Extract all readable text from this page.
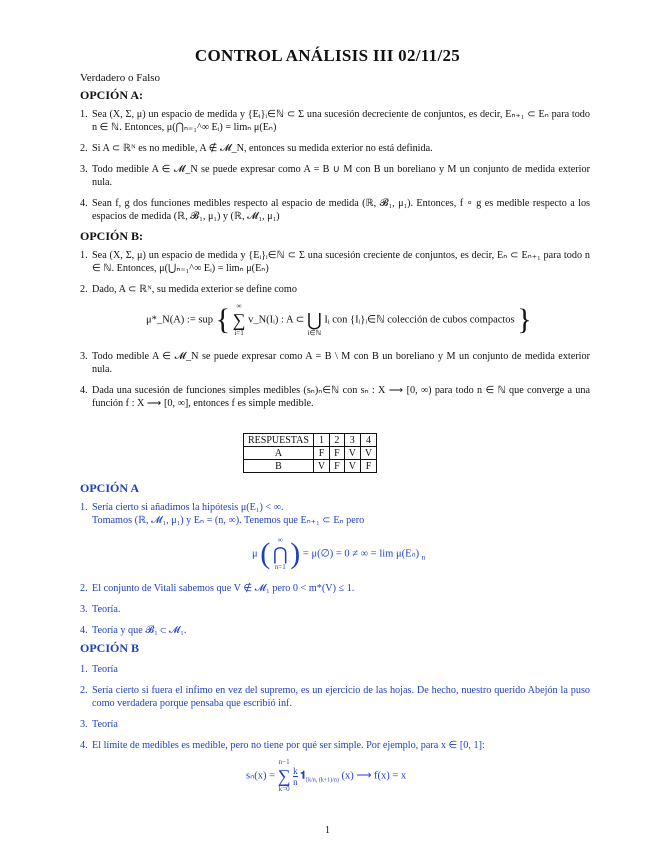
CONTROL ANÁLISIS III 02/11/25
Verdadero o Falso
OPCIÓN A:
1. Sea (X, Σ, μ) un espacio de medida y {Eᵢ}ᵢ∈ℕ ⊂ Σ una sucesión decreciente de conjuntos, es decir, Eₙ₊₁ ⊂ Eₙ para todo n ∈ ℕ. Entonces, μ(⋂ₙ₌₁^∞ Eᵢ) = limₙ μ(Eₙ)
2. Si A ⊂ ℝᴺ es no medible, A ∉ 𝓜_N, entonces su medida exterior no está definida.
3. Todo medible A ∈ 𝓜_N se puede expresar como A = B ∪ M con B un boreliano y M un conjunto de medida exterior nula.
4. Sean f, g dos funciones medibles respecto al espacio de medida (ℝ, 𝓑₁, μ₁). Entonces, f ∘ g es medible respecto a los espacios de medida (ℝ, 𝓑₁, μ₁) y (ℝ, 𝓜₁, μ₁)
OPCIÓN B:
1. Sea (X, Σ, μ) un espacio de medida y {Eᵢ}ᵢ∈ℕ ⊂ Σ una sucesión creciente de conjuntos, es decir, Eₙ ⊂ Eₙ₊₁ para todo n ∈ ℕ. Entonces, μ(⋃ₙ₌₁^∞ Eᵢ) = limₙ μ(Eₙ)
2. Dado, A ⊂ ℝᴺ, su medida exterior se define como
μ*_N(A) := sup { ∞
∑
i=1 v_N(Iᵢ) : A ⊂ ⋃
i∈ℕ Iᵢ con {Iᵢ}ᵢ∈ℕ colección de cubos compactos }
3. Todo medible A ∈ 𝓜_N se puede expresar como A = B \ M con B un boreliano y M un conjunto de medida exterior nula.
4. Dada una sucesión de funciones simples medibles (sₙ)ₙ∈ℕ con sₙ : X ⟶ [0, ∞) para todo n ∈ ℕ que converge a una función f : X ⟶ [0, ∞], entonces f es simple medible.
RESPUESTAS	1	2	3	4
A	F	F	V	V
B	V	F	V	F
OPCIÓN A
1. Sería cierto si añadimos la hipótesis μ(E₁) < ∞.
Tomamos (ℝ, 𝓜₁, μ₁) y Eₙ = (n, ∞). Tenemos que Eₙ₊₁ ⊂ Eₙ pero
μ ( ∞
⋂
n=1 ) = μ(∅) = 0 ≠ ∞ = lim μ(Eₙ) $_n$
2. El conjunto de Vitali sabemos que V ∉ 𝓜₁ pero 0 < m*(V) ≤ 1.
3. Teoría.
4. Teoría y que 𝓑₁ ⊂ 𝓜₁.
OPCIÓN B
1. Teoría
2. Sería cierto si fuera el ínfimo en vez del supremo, es un ejercicio de las hojas. De hecho, nuestro querido Abejón la puso como verdadera porque pensaba que escribió inf.
3. Teoría
4. El límite de medibles es medible, pero no tiene por qué ser simple. Por ejemplo, para x ∈ [0, 1]:
sₙ(x) = n−1
∑
k=0
$\frac{k}{n}$ $𝟏_{[k/n, (k+1)/n)}$ (x) ⟶ f(x) = x
1
